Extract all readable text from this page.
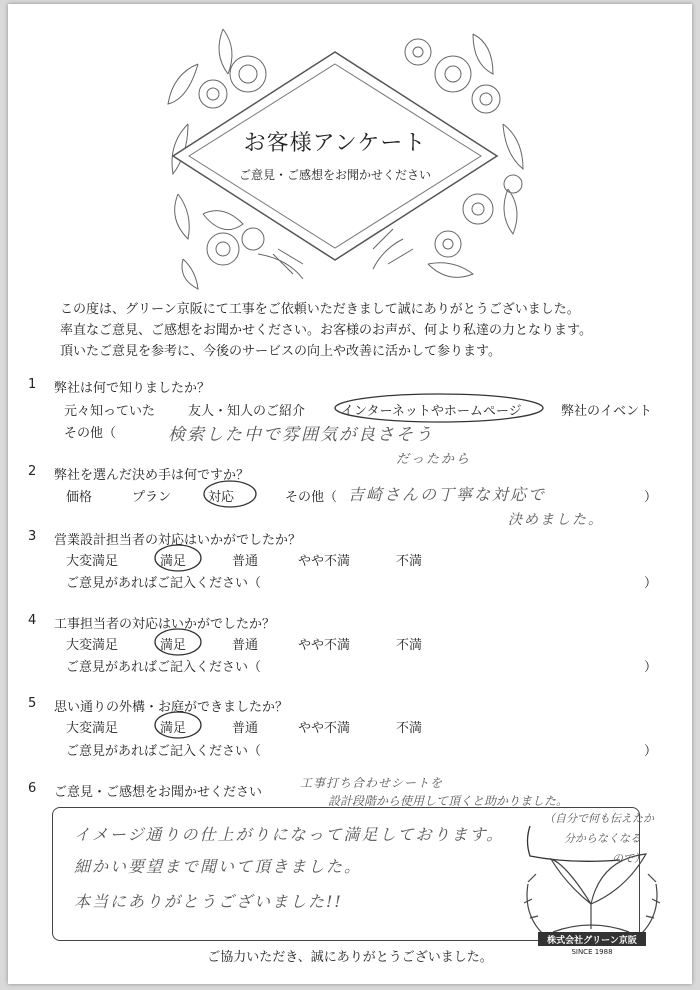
お客様アンケート
ご意見・ご感想をお聞かせください
この度は、グリーン京阪にて工事をご依頼いただきまして誠にありがとうございました。
率直なご意見、ご感想をお聞かせください。お客様のお声が、何より私達の力となります。
頂いたご意見を参考に、今後のサービスの向上や改善に活かして参ります。
1 弊社は何で知りましたか？
元々知っていた	友人・知人のご紹介	インターネットやホームページ	弊社のイベント
その他（	検索した中で雰囲気が良さそう
だったから
2 弊社を選んだ決め手は何ですか？
価格	プラン	対応	その他（ 吉崎さんの丁寧な対応で	）
決めました。
3 営業設計担当者の対応はいかがでしたか？
大変満足	満足	普通	やや不満	不満
ご意見があればご記入ください（	）
4 工事担当者の対応はいかがでしたか？
大変満足	満足	普通	やや不満	不満
ご意見があればご記入ください（	）
5 思い通りの外構・お庭ができましたか？
大変満足	満足	普通	やや不満	不満
ご意見があればご記入ください（	）
6 ご意見・ご感想をお聞かせください
工事打ち合わせシートを
設計段階から使用して頂くと助かりました。
（自分で何も伝えたか
分からなくなる
ので）
イメージ通りの仕上がりになって満足しております。
細かい要望まで聞いて頂きました。
本当にありがとうございました!!
株式会社グリーン京阪
SINCE 1988
ご協力いただき、誠にありがとうございました。
